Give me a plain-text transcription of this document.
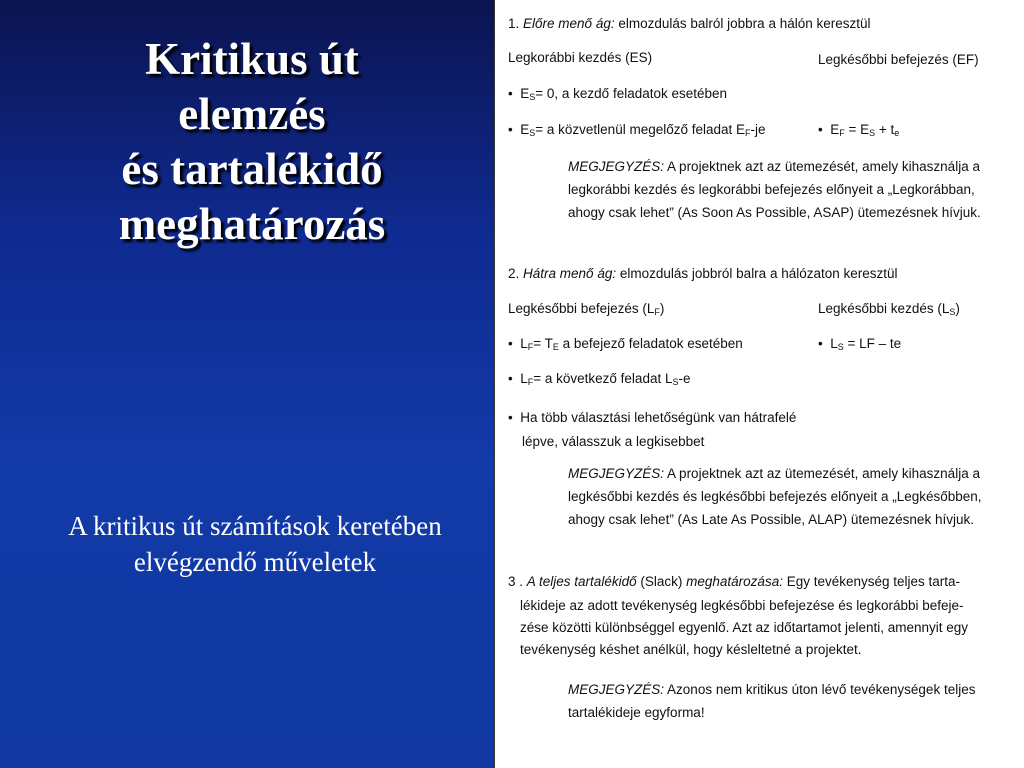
Kritikus út
elemzés
és tartalékidő
meghatározás
A kritikus út számítások keretében elvégzendő műveletek
1. Előre menő ág: elmozdulás balról jobbra a hálón keresztül
Legkorábbi kezdés (ES)	Legkésőbbi befejezés (EF)
•  $E_S= 0$, a kezdő feladatok esetében
•  $E_S= a$ közvetlenül megelőző feladat $E_F-je$	•  $E_F = E_S + t_e$
MEGJEGYZÉS: A projektnek azt az ütemezését, amely kihasználja a
legkorábbi kezdés és legkorábbi befejezés előnyeit a „Legkorábban,
ahogy csak lehet” (As Soon As Possible, ASAP) ütemezésnek hívjuk.
2. Hátra menő ág: elmozdulás jobbról balra a hálózaton keresztül
Legkésőbbi befejezés $(L_F)$	Legkésőbbi kezdés $(L_S)$
•  $L_F= T_E$ a befejező feladatok esetében	•  $L_S$ = LF – te
•  $L_F= a$ következő feladat $L_S-e$
•  Ha több választási lehetőségünk van hátrafelé
lépve, válasszuk a legkisebbet
MEGJEGYZÉS: A projektnek azt az ütemezését, amely kihasználja a
legkésőbbi kezdés és legkésőbbi befejezés előnyeit a „Legkésőbben,
ahogy csak lehet” (As Late As Possible, ALAP) ütemezésnek hívjuk.
3 . A teljes tartalékidő (Slack) meghatározása: Egy tevékenység teljes tarta-
lékideje az adott tevékenység legkésőbbi befejezése és legkorábbi befeje-
zése közötti különbséggel egyenlő. Azt az időtartamot jelenti, amennyit egy
tevékenység késhet anélkül, hogy késleltetné a projektet.
MEGJEGYZÉS: Azonos nem kritikus úton lévő tevékenységek teljes
tartalékideje egyforma!
